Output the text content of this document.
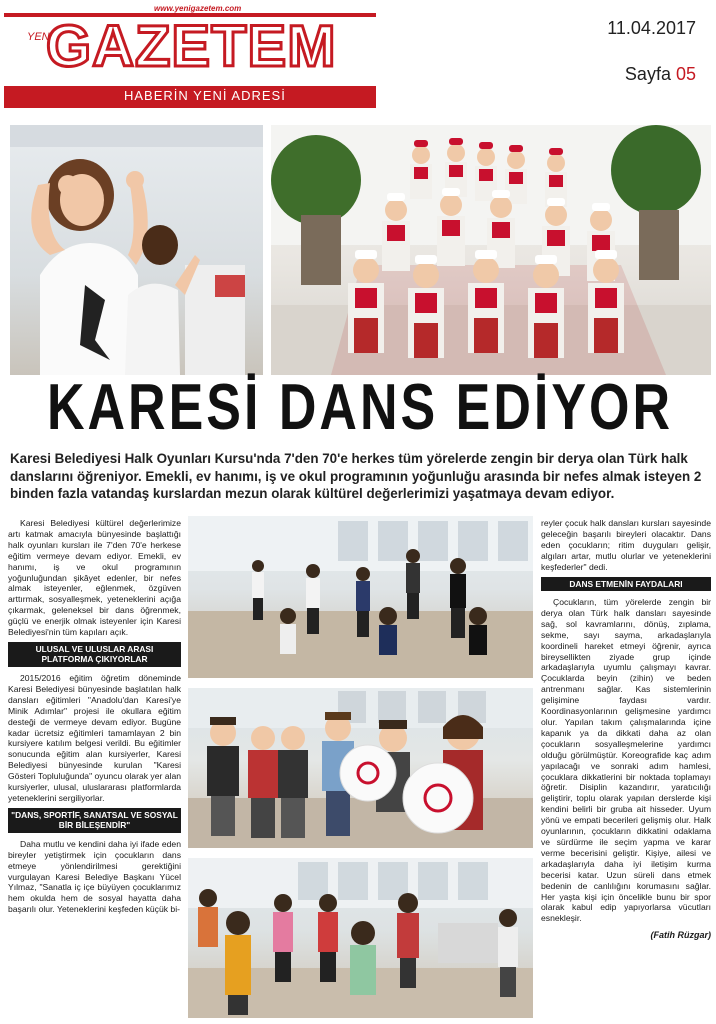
www.yenigazetem.com
YENİ
GAZETEM
HABERİN YENİ ADRESİ
11.04.2017
Sayfa 05
KARESİ DANS EDİYOR
Karesi Belediyesi Halk Oyunları Kursu'nda 7'den 70'e herkes tüm yörelerde zengin bir derya olan Türk halk danslarını öğreniyor. Emekli, ev hanımı, iş ve okul programının yoğunluğu arasında bir nefes almak isteyen 2 binden fazla vatandaş kurslardan mezun olarak kültürel değerlerimizi yaşatmaya devam ediyor.

Karesi Belediyesi kültürel değerlerimize artı katmak amacıyla bünyesinde başlattığı halk oyunları kursları ile 7'den 70'e herkese eğitim vermeye devam ediyor. Emekli, ev hanımı, iş ve okul programının yoğunluğundan şikâyet edenler, bir nefes almak isteyenler, eğlenmek, özgüven arttırmak, sosyalleşmek, yeteneklerini açığa çıkarmak, geleneksel bir dans öğrenmek, güçlü ve enerjik olmak isteyenler için Karesi Belediyesi'nin tüm kapıları açık.

ULUSAL VE ULUSLAR ARASI PLATFORMA ÇIKIYORLAR

2015/2016 eğitim öğretim döneminde Karesi Belediyesi bünyesinde başlatılan halk dansları eğitimleri "Anadolu'dan Karesi'ye Minik Adımlar" projesi ile okullara eğitim desteği de vermeye devam ediyor. Bugüne kadar ücretsiz eğitimleri tamamlayan 2 bin kursiyere katılım belgesi verildi. Bu eğitimler sonucunda eğitim alan kursiyerler, Karesi Belediyesi bünyesinde kurulan "Karesi Gösteri Topluluğunda" oyuncu olarak yer alan kursiyerler, ulusal, uluslararası platformlarda yeteneklerini sergiliyorlar.

"DANS, SPORTİF, SANATSAL VE SOSYAL BİR BİLEŞENDİR"

Daha mutlu ve kendini daha iyi ifade eden bireyler yetiştirmek için çocukların dans etmeye yönlendirilmesi gerektiğini vurgulayan Karesi Belediye Başkanı Yücel Yılmaz, "Sanatla iç içe büyüyen çocuklarımız hem okulda hem de sosyal hayatta daha başarılı olur. Yeteneklerini keşfeden küçük bi-

reyler çocuk halk dansları kursları sayesinde geleceğin başarılı bireyleri olacaktır. Dans eden çocukların; ritim duyguları gelişir, algıları artar, mutlu olurlar ve yeteneklerini keşfederler" dedi.

DANS ETMENİN FAYDALARI

Çocukların, tüm yörelerde zengin bir derya olan Türk halk dansları sayesinde sağ, sol kavramlarını, dönüş, zıplama, sekme, sayı sayma, arkadaşlarıyla koordineli hareket etmeyi öğrenir, ayrıca bireysellikten ziyade grup içinde arkadaşlarıyla uyumlu çalışmayı kavrar. Çocuklarda beyin (zihin) ve beden antrenmanı sağlar. Kas sistemlerinin gelişimine faydası vardır. Koordinasyonlarının gelişmesine yardımcı olur. Yapılan takım çalışmalarında içine kapanık ya da dikkati daha az olan çocukların sosyalleşmelerine yardımcı olduğu görülmüştür. Koreografide kaç adım yapılacağı ve sonraki adım hamlesi, çocuklara dikkatlerini bir noktada toplamayı öğretir. Disiplin kazandırır, yaratıcılığı geliştirir, toplu olarak yapılan derslerde kişi kendini belirli bir gruba ait hisseder. Uyum yönü ve empati becerileri gelişmiş olur. Halk oyunlarının, çocukların dikkatini odaklama ve sürdürme ile seçim yapma ve karar verme becerisini geliştir. Kişiye, ailesi ve arkadaşlarıyla daha iyi iletişim kurma becerisi katar. Uzun süreli dans etmek bedenin de canlılığını korumasını sağlar. Her yaşta kişi için öncelikle bunu bir spor olarak kabul edip yapıyorlarsa vücutları esnekleşir.

(Fatih Rüzgar)
